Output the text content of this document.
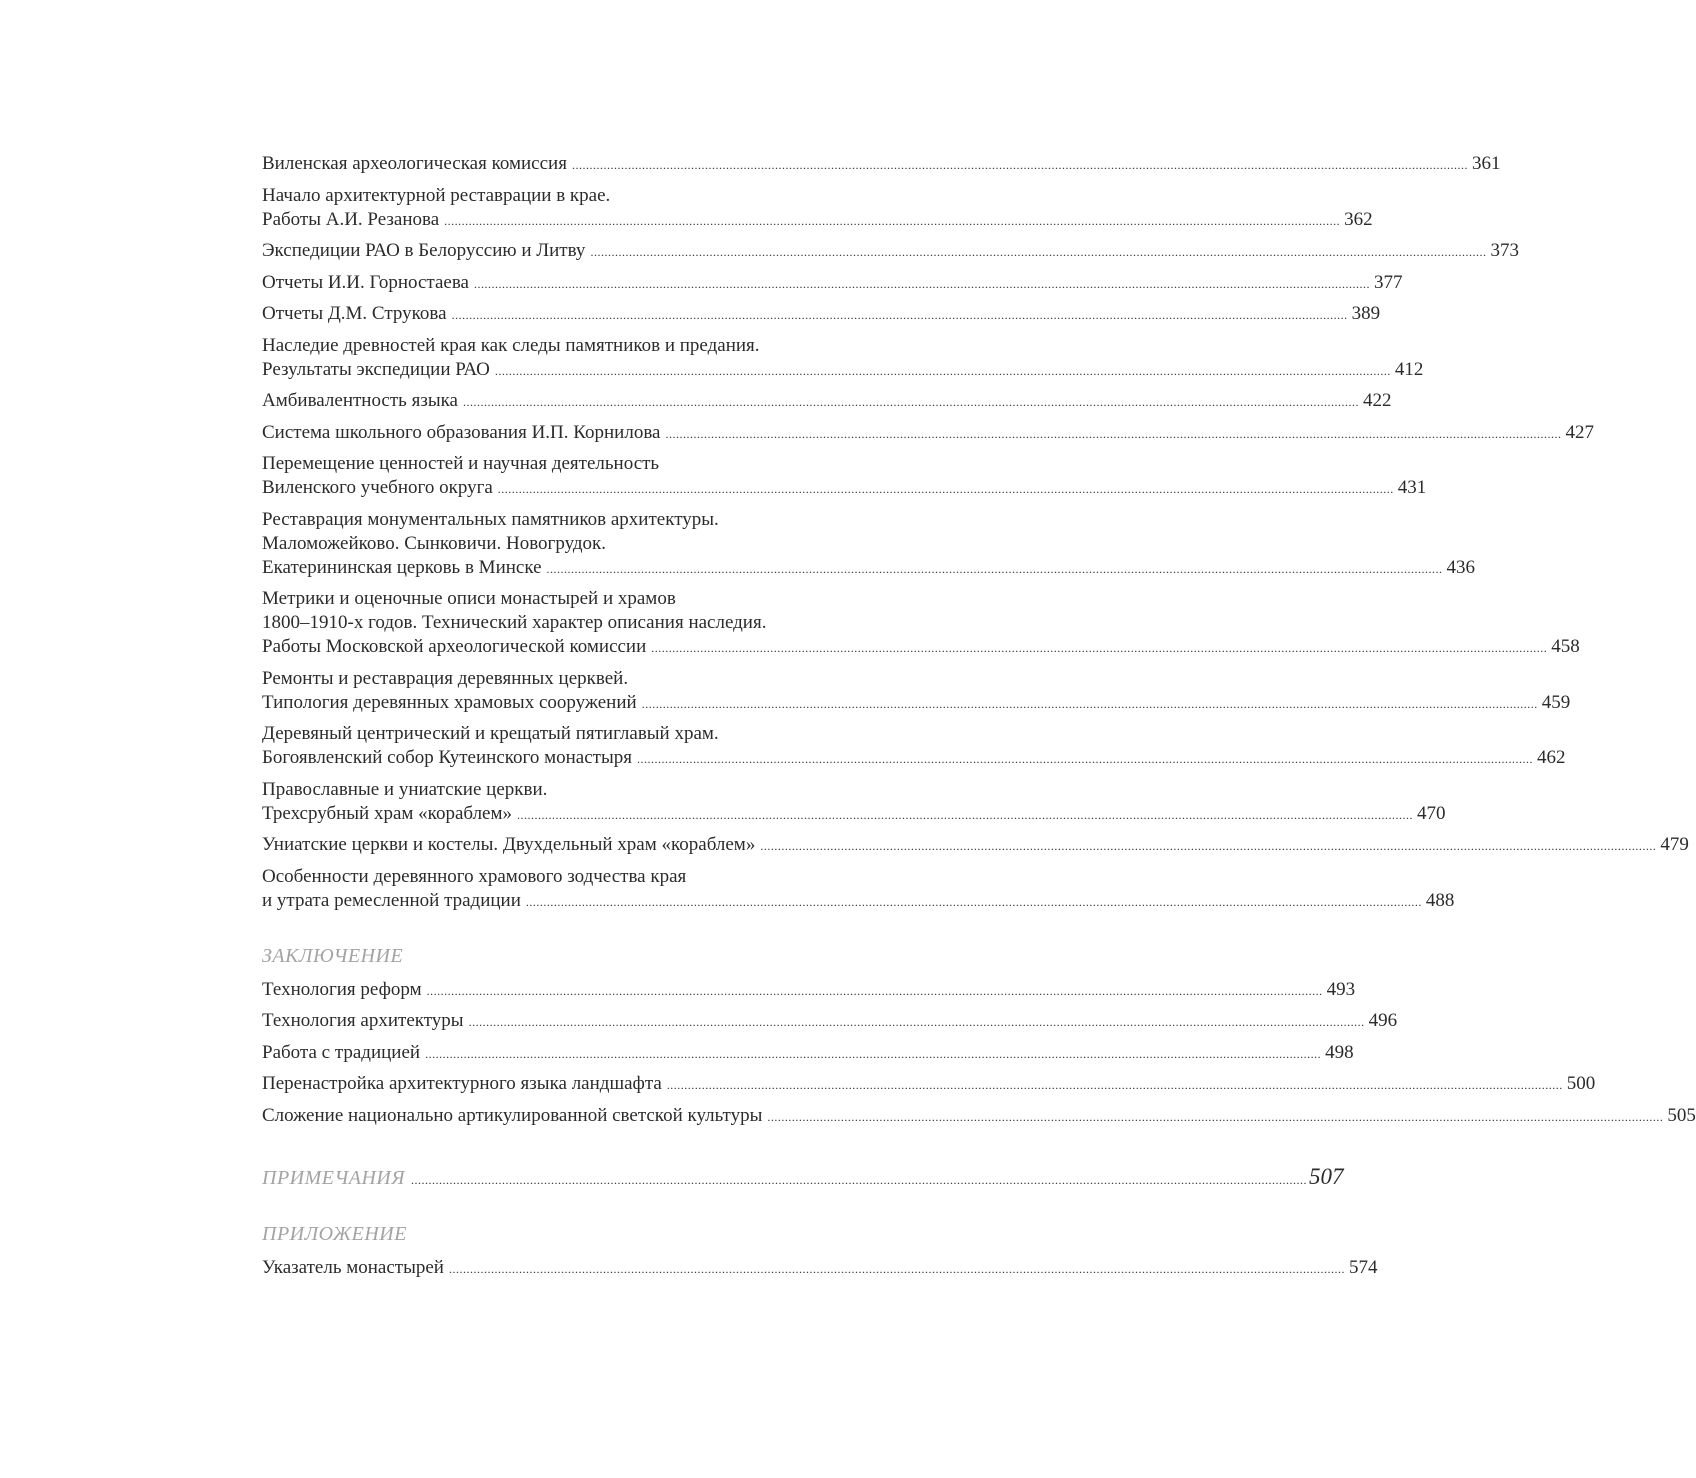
Виленская археологическая комиссия .....	361
Начало архитектурной реставрации в крае.
Работы А.И. Резанова .....	362
Экспедиции РАО в Белоруссию и Литву .....	373
Отчеты И.И. Горностаева .....	377
Отчеты Д.М. Струкова .....	389
Наследие древностей края как следы памятников и предания.
Результаты экспедиции РАО .....	412
Амбивалентность языка .....	422
Система школьного образования И.П. Корнилова .....	427
Перемещение ценностей и научная деятельность
Виленского учебного округа .....	431
Реставрация монументальных памятников архитектуры.
Маломожейково. Сынковичи. Новогрудок.
Екатерининская церковь в Минске .....	436
Метрики и оценочные описи монастырей и храмов
1800–1910-х годов. Технический характер описания наследия.
Работы Московской археологической комиссии .....	458
Ремонты и реставрация деревянных церквей.
Типология деревянных храмовых сооружений .....	459
Деревяный центрический и крещатый пятиглавый храм.
Богоявленский собор Кутеинского монастыря .....	462
Православные и униатские церкви.
Трехсрубный храм «кораблем» .....	470
Униатские церкви и костелы. Двухдельный храм «кораблем» .....	479
Особенности деревянного храмового зодчества края
и утрата ремесленной традиции .....	488
ЗАКЛЮЧЕНИЕ
Технология реформ .....	493
Технология архитектуры .....	496
Работа с традицией .....	498
Перенастройка архитектурного языка ландшафта .....	500
Сложение национально артикулированной светской культуры .....	505
ПРИМЕЧАНИЯ .....	507
ПРИЛОЖЕНИЕ
Указатель монастырей .....	574
